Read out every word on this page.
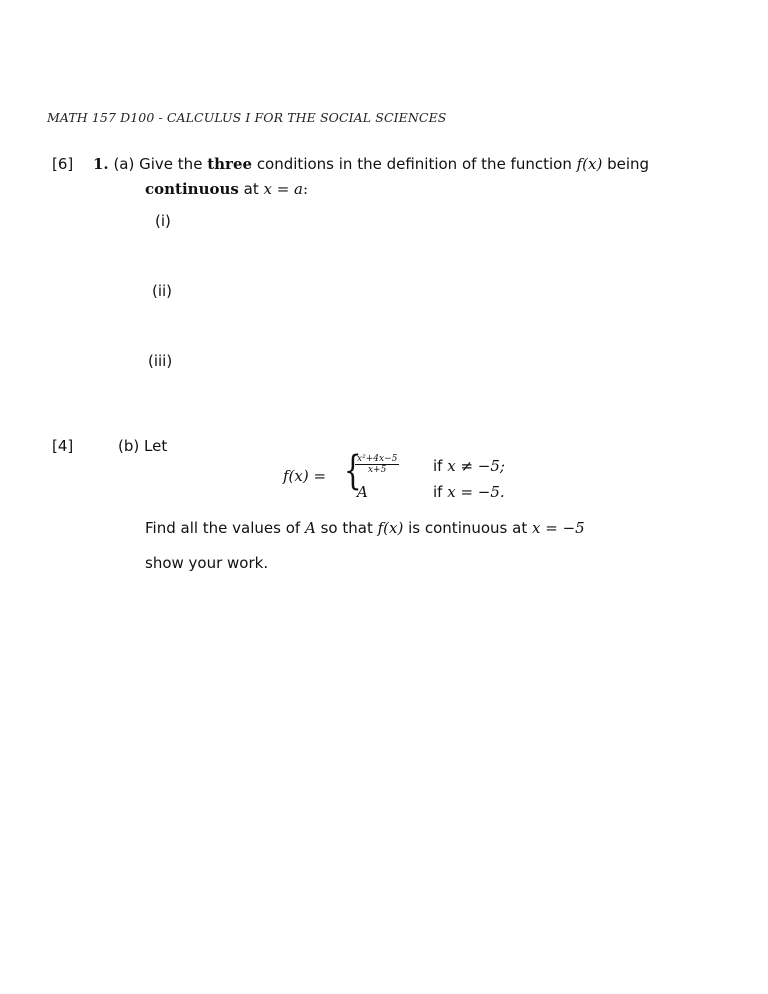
MATH 157 D100 - CALCULUS I FOR THE SOCIAL SCIENCES
[6] 1. (a) Give the three conditions in the definition of the function f(x) being
continuous at x = a:
(i)
(ii)
(iii)
[4]	(b) Let
f(x) = {
$\frac{\text{x²+4x−5}}{x+5}$ if x ≠ −5;
A	if x = −5.
Find all the values of A so that f(x) is continuous at x = −5
show your work.
